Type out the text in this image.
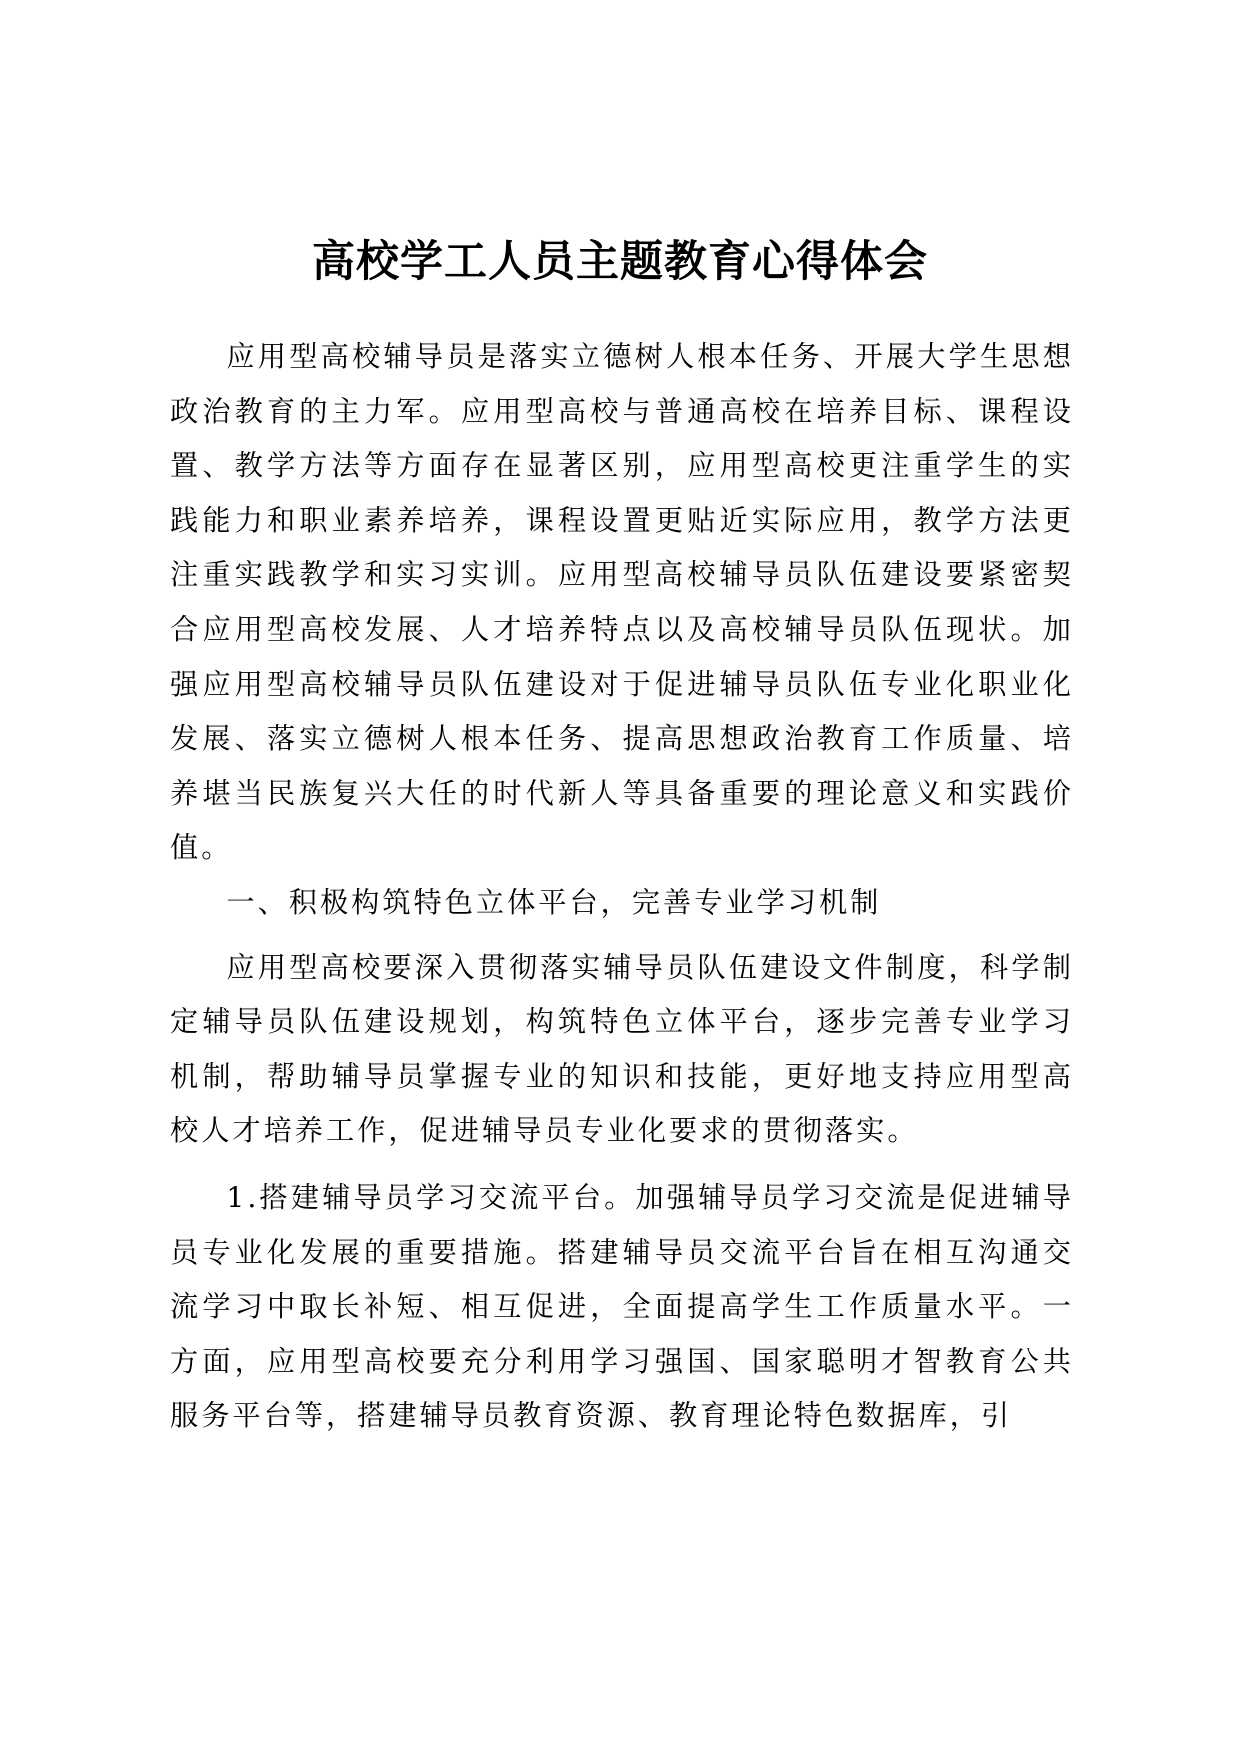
高校学工人员主题教育心得体会

应用型高校辅导员是落实立德树人根本任务、开展大学生思想政治教育的主力军。应用型高校与普通高校在培养目标、课程设置、教学方法等方面存在显著区别，应用型高校更注重学生的实践能力和职业素养培养，课程设置更贴近实际应用，教学方法更注重实践教学和实习实训。应用型高校辅导员队伍建设要紧密契合应用型高校发展、人才培养特点以及高校辅导员队伍现状。加强应用型高校辅导员队伍建设对于促进辅导员队伍专业化职业化发展、落实立德树人根本任务、提高思想政治教育工作质量、培养堪当民族复兴大任的时代新人等具备重要的理论意义和实践价值。

一、积极构筑特色立体平台，完善专业学习机制

应用型高校要深入贯彻落实辅导员队伍建设文件制度，科学制定辅导员队伍建设规划，构筑特色立体平台，逐步完善专业学习机制，帮助辅导员掌握专业的知识和技能，更好地支持应用型高校人才培养工作，促进辅导员专业化要求的贯彻落实。

1.搭建辅导员学习交流平台。加强辅导员学习交流是促进辅导员专业化发展的重要措施。搭建辅导员交流平台旨在相互沟通交流学习中取长补短、相互促进，全面提高学生工作质量水平。一方面，应用型高校要充分利用学习强国、国家聪明才智教育公共服务平台等，搭建辅导员教育资源、教育理论特色数据库，引
